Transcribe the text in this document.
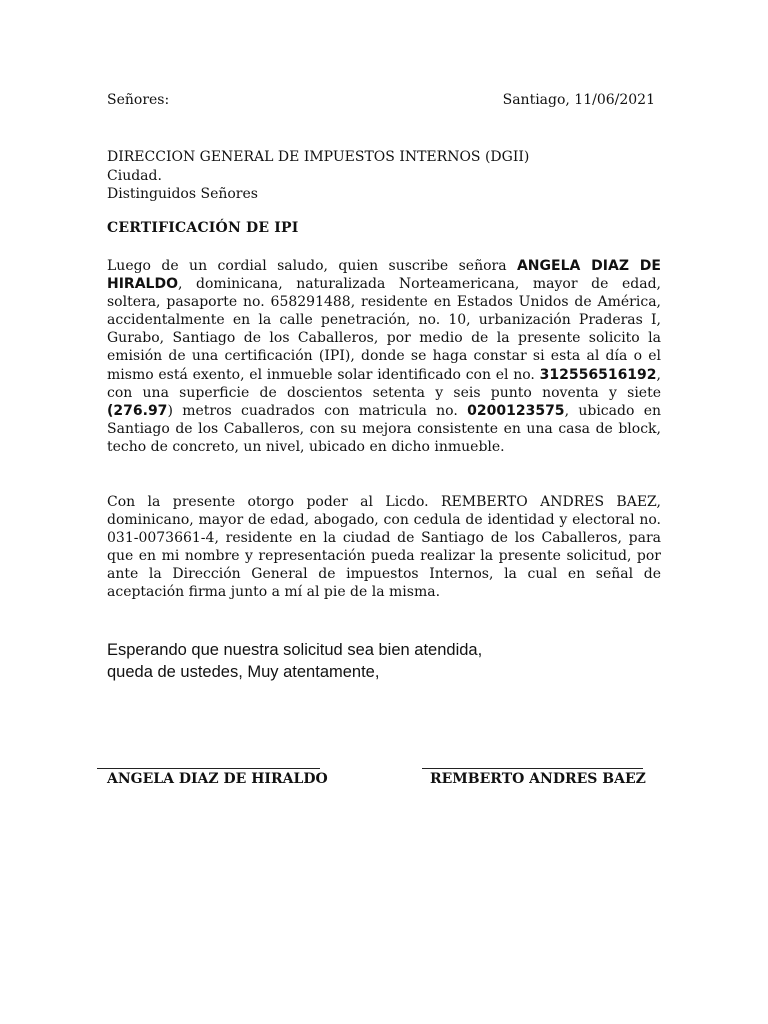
Señores:	Santiago, 11/06/2021
DIRECCION GENERAL DE IMPUESTOS INTERNOS (DGII)
Ciudad.
Distinguidos Señores
CERTIFICACIÓN DE IPI
Luego de un cordial saludo, quien suscribe señora ANGELA DIAZ DE HIRALDO, dominicana, naturalizada Norteamericana, mayor de edad, soltera, pasaporte no. 658291488, residente en Estados Unidos de América, accidentalmente en la calle penetración, no. 10, urbanización Praderas I, Gurabo, Santiago de los Caballeros, por medio de la presente solicito la emisión de una certificación (IPI), donde se haga constar si esta al día o el mismo está exento, el inmueble solar identificado con el no. 312556516192, con una superficie de doscientos setenta y seis punto noventa y siete (276.97) metros cuadrados con matricula no. 0200123575, ubicado en Santiago de los Caballeros, con su mejora consistente en una casa de block, techo de concreto, un nivel, ubicado en dicho inmueble.
Con la presente otorgo poder al Licdo. REMBERTO ANDRES BAEZ, dominicano, mayor de edad, abogado, con cedula de identidad y electoral no. 031-0073661-4, residente en la ciudad de Santiago de los Caballeros, para que en mi nombre y representación pueda realizar la presente solicitud, por ante la Dirección General de impuestos Internos, la cual en señal de aceptación firma junto a mí al pie de la misma.
Esperando que nuestra solicitud sea bien atendida,
queda de ustedes, Muy atentamente,
ANGELA DIAZ DE HIRALDO	REMBERTO ANDRES BAEZ
